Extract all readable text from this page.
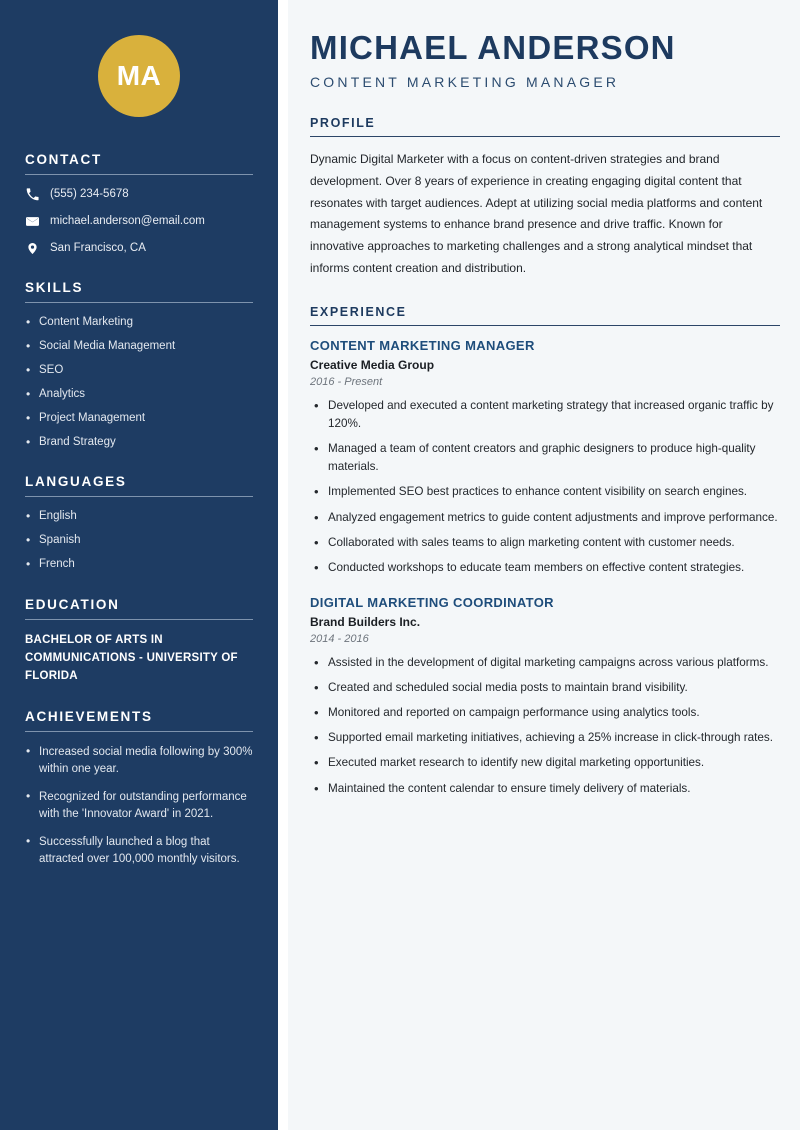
MA
CONTACT
(555) 234-5678
michael.anderson@email.com
San Francisco, CA
SKILLS
• Content Marketing
• Social Media Management
• SEO
• Analytics
• Project Management
• Brand Strategy
LANGUAGES
• English
• Spanish
• French
EDUCATION
BACHELOR OF ARTS IN COMMUNICATIONS - UNIVERSITY OF FLORIDA
ACHIEVEMENTS
• Increased social media following by 300% within one year.
• Recognized for outstanding performance with the 'Innovator Award' in 2021.
• Successfully launched a blog that attracted over 100,000 monthly visitors.
MICHAEL ANDERSON
CONTENT MARKETING MANAGER
PROFILE

Dynamic Digital Marketer with a focus on content-driven strategies and brand development. Over 8 years of experience in creating engaging digital content that resonates with target audiences. Adept at utilizing social media platforms and content management systems to enhance brand presence and drive traffic. Known for innovative approaches to marketing challenges and a strong analytical mindset that informs content creation and distribution.

EXPERIENCE
CONTENT MARKETING MANAGER
Creative Media Group
2016 - Present
• Developed and executed a content marketing strategy that increased organic traffic by 120%.
• Managed a team of content creators and graphic designers to produce high-quality materials.
• Implemented SEO best practices to enhance content visibility on search engines.
• Analyzed engagement metrics to guide content adjustments and improve performance.
• Collaborated with sales teams to align marketing content with customer needs.
• Conducted workshops to educate team members on effective content strategies.
DIGITAL MARKETING COORDINATOR
Brand Builders Inc.
2014 - 2016
• Assisted in the development of digital marketing campaigns across various platforms.
• Created and scheduled social media posts to maintain brand visibility.
• Monitored and reported on campaign performance using analytics tools.
• Supported email marketing initiatives, achieving a 25% increase in click-through rates.
• Executed market research to identify new digital marketing opportunities.
• Maintained the content calendar to ensure timely delivery of materials.
